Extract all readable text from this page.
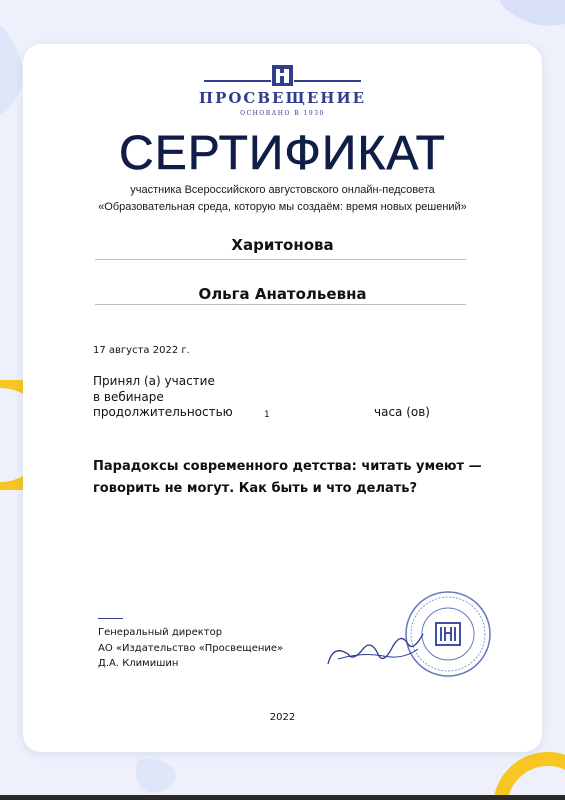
ПРОСВЕЩЕНИЕ
ОСНОВАНО В 1930
СЕРТИФИКАТ
участника Всероссийского августовского онлайн-педсовета
«Образовательная среда, которую мы создаём: время новых решений»
Харитонова
Ольга Анатольевна
17 августа 2022 г.
Принял (а) участие
в вебинаре
продолжительностью	1	часа (ов)
Парадоксы современного детства: читать умеют — говорить не могут. Как быть и что делать?
Генеральный директор
АО «Издательство «Просвещение»
Д.А. Климишин
2022
